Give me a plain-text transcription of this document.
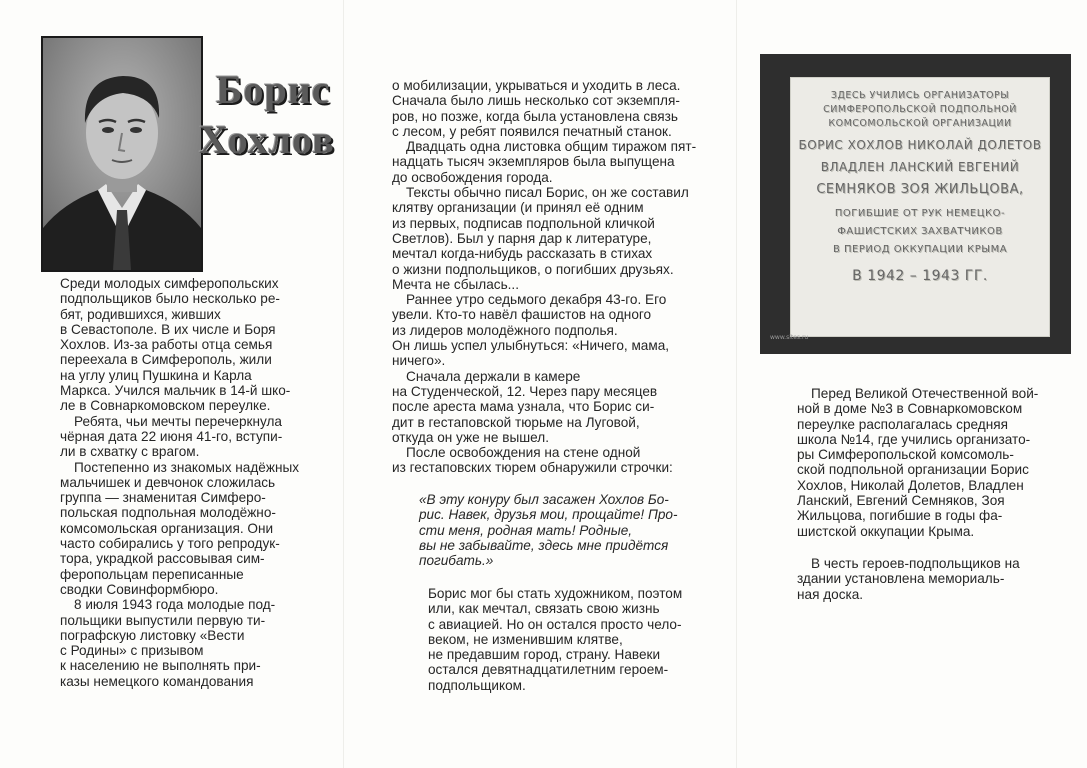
Борис
Хохлов

Среди молодых симферопольских

подпольщиков было несколько ре-

бят, родившихся, живших

в Севастополе. В их числе и Боря

Хохлов. Из-за работы отца семья

переехала в Симферополь, жили

на углу улиц Пушкина и Карла

Маркса. Учился мальчик в 14-й шко-

ле в Совнаркомовском переулке.

Ребята, чьи мечты перечеркнула

чёрная дата 22 июня 41-го, вступи-

ли в схватку с врагом.

Постепенно из знакомых надёжных

мальчишек и девчонок сложилась

группа — знаменитая Симферо-

польская подпольная молодёжно-

комсомольская организация. Они

часто собирались у того репродук-

тора, украдкой рассовывая сим-

феропольцам переписанные

сводки Совинформбюро.

8 июля 1943 года молодые под-

польщики выпустили первую ти-

пографскую листовку «Вести

с Родины» с призывом

к населению не выполнять при-

казы немецкого командования

о мобилизации, укрываться и уходить в леса.

Сначала было лишь несколько сот экземпля-

ров, но позже, когда была установлена связь

с лесом, у ребят появился печатный станок.

Двадцать одна листовка общим тиражом пят-

надцать тысяч экземпляров была выпущена

до освобождения города.

Тексты обычно писал Борис, он же составил

клятву организации (и принял её одним

из первых, подписав подпольной кличкой

Светлов). Был у парня дар к литературе,

мечтал когда-нибудь рассказать в стихах

о жизни подпольщиков, о погибших друзьях.

Мечта не сбылась...

Раннее утро седьмого декабря 43-го. Его

увели. Кто-то навёл фашистов на одного

из лидеров молодёжного подполья.

Он лишь успел улыбнуться: «Ничего, мама,

ничего».

Сначала держали в камере

на Студенческой, 12. Через пару месяцев

после ареста мама узнала, что Борис си-

дит в гестаповской тюрьме на Луговой,

откуда он уже не вышел.

После освобождения на стене одной

из гестаповских тюрем обнаружили строчки:

«В эту конуру был засажен Хохлов Бо-

рис. Навек, друзья мои, прощайте! Про-

сти меня, родная мать! Родные,

вы не забывайте, здесь мне придётся

погибать.»

Борис мог бы стать художником, поэтом

или, как мечтал, связать свою жизнь

с авиацией. Но он остался просто чело-

веком, не изменившим клятве,

не предавшим город, страну. Навеки

остался девятнадцатилетним героем-

подпольщиком.

ЗДЕСЬ УЧИЛИСЬ ОРГАНИЗАТОРЫ
СИМФЕРОПОЛЬСКОЙ ПОДПОЛЬНОЙ
КОМСОМОЛЬСКОЙ ОРГАНИЗАЦИИ
БОРИС ХОХЛОВ НИКОЛАЙ ДОЛЕТОВ
ВЛАДЛЕН ЛАНСКИЙ ЕВГЕНИЙ
СЕМНЯКОВ ЗОЯ ЖИЛЬЦОВА,
ПОГИБШИЕ ОТ РУК НЕМЕЦКО-
ФАШИСТСКИХ ЗАХВАТЧИКОВ
В ПЕРИОД ОККУПАЦИИ КРЫМА
В 1942 – 1943 ГГ.
www.sites.ru

Перед Великой Отечественной вой-

ной в доме №3 в Совнаркомовском

переулке располагалась средняя

школа №14, где учились организато-

ры Симферопольской комсомоль-

ской подпольной организации Борис

Хохлов, Николай Долетов, Владлен

Ланский, Евгений Семняков, Зоя

Жильцова, погибшие в годы фа-

шистской оккупации Крыма.

В честь героев-подпольщиков на

здании установлена мемориаль-

ная доска.
